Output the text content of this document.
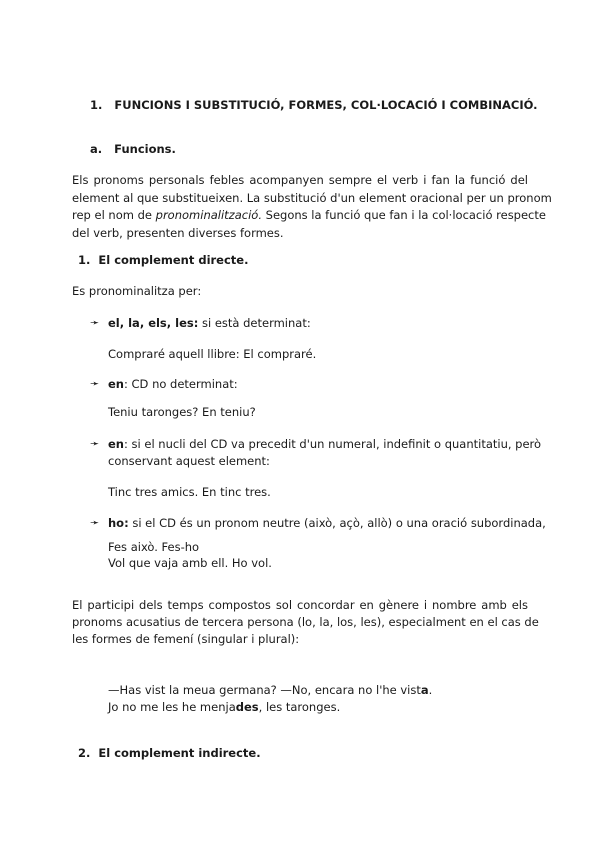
1. FUNCIONS I SUBSTITUCIÓ, FORMES, COL·LOCACIÓ I COMBINACIÓ.
a. Funcions.
Els pronoms personals febles acompanyen sempre el verb i fan la funció del
element al que substitueixen. La substitució d'un element oracional per un pronom
rep el nom de pronominalització. Segons la funció que fan i la col·locació respecte
del verb, presenten diverses formes.
1. El complement directe.
Es pronominalitza per:
➛ el, la, els, les: si està determinat:
Compraré aquell llibre: El compraré.
➛ en: CD no determinat:
Teniu taronges? En teniu?
➛ en: si el nucli del CD va precedit d'un numeral, indefinit o quantitatiu, però
conservant aquest element:
Tinc tres amics. En tinc tres.
➛ ho: si el CD és un pronom neutre (això, açò, allò) o una oració subordinada,
Fes això. Fes-ho
Vol que vaja amb ell. Ho vol.
El participi dels temps compostos sol concordar en gènere i nombre amb els
pronoms acusatius de tercera persona (lo, la, los, les), especialment en el cas de
les formes de femení (singular i plural):
—Has vist la meua germana? —No, encara no l'he vista.
Jo no me les he menjades, les taronges.
2. El complement indirecte.
